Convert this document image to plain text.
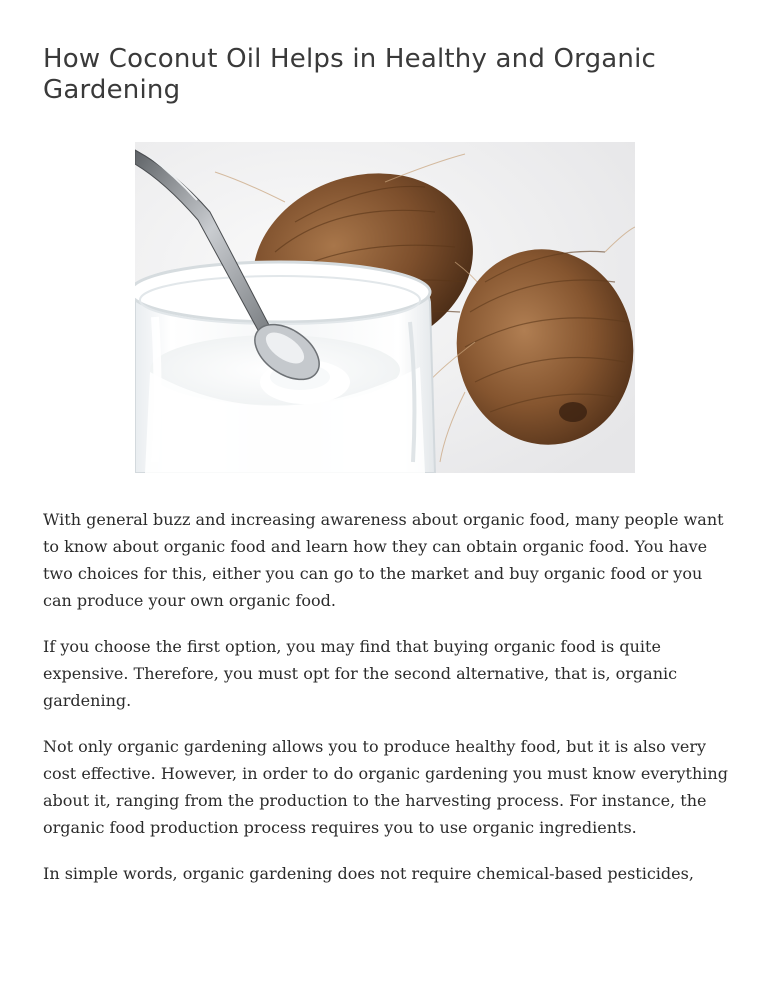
How Coconut Oil Helps in Healthy and Organic Gardening

With general buzz and increasing awareness about organic food, many people want to know about organic food and learn how they can obtain organic food. You have two choices for this, either you can go to the market and buy organic food or you can produce your own organic food.

If you choose the first option, you may find that buying organic food is quite expensive. Therefore, you must opt for the second alternative, that is, organic gardening.

Not only organic gardening allows you to produce healthy food, but it is also very cost effective. However, in order to do organic gardening you must know everything about it, ranging from the production to the harvesting process. For instance, the organic food production process requires you to use organic ingredients.

In simple words, organic gardening does not require chemical-based pesticides,
